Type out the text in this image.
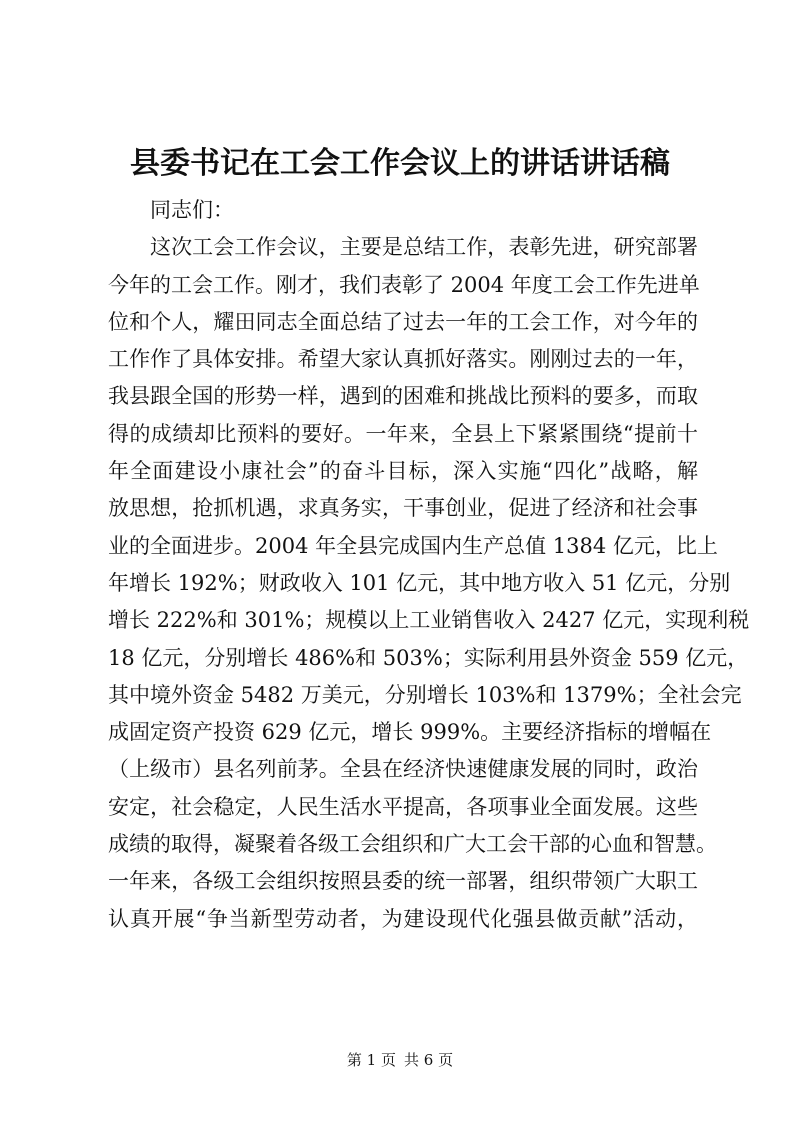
县委书记在工会工作会议上的讲话讲话稿
同志们：
这次工会工作会议，主要是总结工作，表彰先进，研究部署
今年的工会工作。刚才，我们表彰了 2004 年度工会工作先进单
位和个人，耀田同志全面总结了过去一年的工会工作，对今年的
工作作了具体安排。希望大家认真抓好落实。刚刚过去的一年，
我县跟全国的形势一样，遇到的困难和挑战比预料的要多，而取
得的成绩却比预料的要好。一年来，全县上下紧紧围绕“提前十
年全面建设小康社会”的奋斗目标，深入实施“四化”战略，解
放思想，抢抓机遇，求真务实，干事创业，促进了经济和社会事
业的全面进步。2004 年全县完成国内生产总值 1384 亿元，比上
年增长 192%；财政收入 101 亿元，其中地方收入 51 亿元，分别
增长 222%和 301%；规模以上工业销售收入 2427 亿元，实现利税
18 亿元，分别增长 486%和 503%；实际利用县外资金 559 亿元，
其中境外资金 5482 万美元，分别增长 103%和 1379%；全社会完
成固定资产投资 629 亿元，增长 999%。主要经济指标的增幅在
（上级市）县名列前茅。全县在经济快速健康发展的同时，政治
安定，社会稳定，人民生活水平提高，各项事业全面发展。这些
成绩的取得，凝聚着各级工会组织和广大工会干部的心血和智慧。
一年来，各级工会组织按照县委的统一部署，组织带领广大职工
认真开展“争当新型劳动者，为建设现代化强县做贡献”活动，
第 1 页 共 6 页
